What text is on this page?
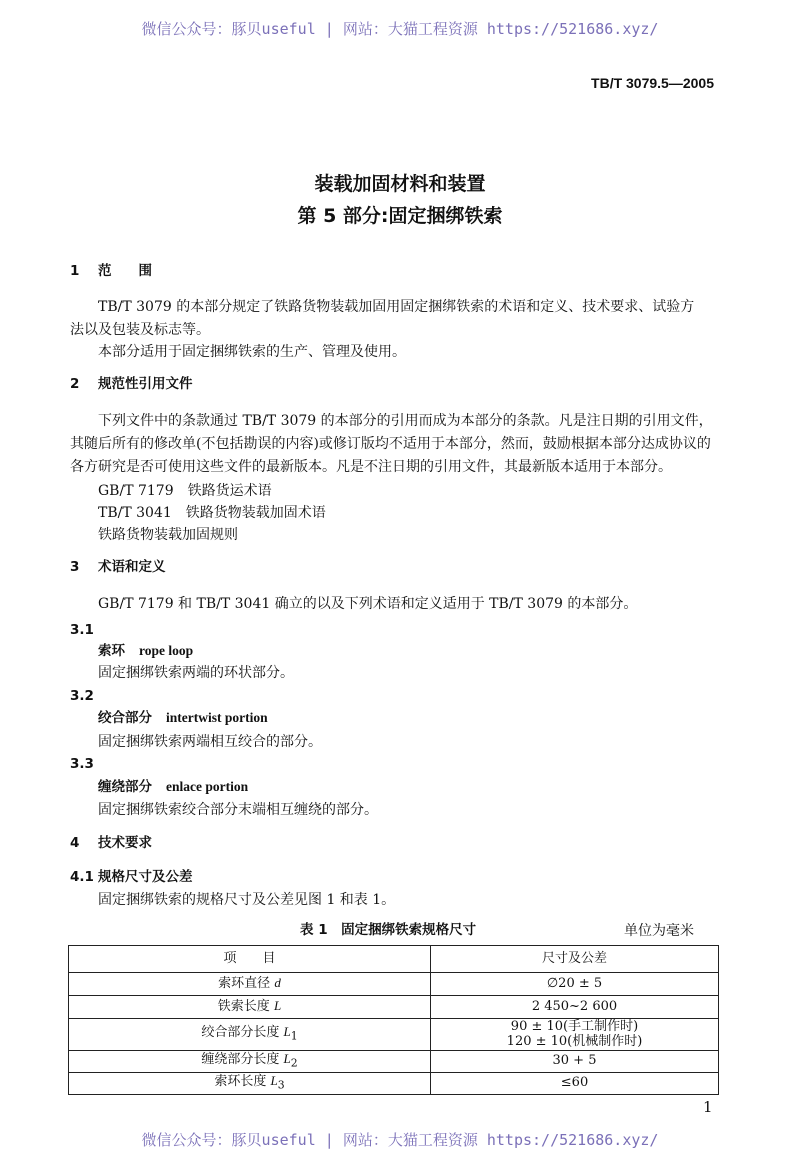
微信公众号：豚贝useful | 网站：大猫工程资源 https://521686.xyz/
TB/T 3079.5—2005
装载加固材料和装置
第 5 部分:固定捆绑铁索
1 范　　围
TB/T 3079 的本部分规定了铁路货物装载加固用固定捆绑铁索的术语和定义、技术要求、试验方
法以及包装及标志等。
本部分适用于固定捆绑铁索的生产、管理及使用。
2 规范性引用文件
下列文件中的条款通过 TB/T 3079 的本部分的引用而成为本部分的条款。凡是注日期的引用文件，
其随后所有的修改单(不包括勘误的内容)或修订版均不适用于本部分，然而，鼓励根据本部分达成协议的
各方研究是否可使用这些文件的最新版本。凡是不注日期的引用文件，其最新版本适用于本部分。
GB/T 7179　铁路货运术语
TB/T 3041　铁路货物装载加固术语
铁路货物装载加固规则
3 术语和定义
GB/T 7179 和 TB/T 3041 确立的以及下列术语和定义适用于 TB/T 3079 的本部分。
3.1
索环 rope loop
固定捆绑铁索两端的环状部分。
3.2
绞合部分 intertwist portion
固定捆绑铁索两端相互绞合的部分。
3.3
缠绕部分 enlace portion
固定捆绑铁索绞合部分末端相互缠绕的部分。
4 技术要求
4.1 规格尺寸及公差
固定捆绑铁索的规格尺寸及公差见图 1 和表 1。
表 1　固定捆绑铁索规格尺寸	单位为毫米
项　　目	尺寸及公差
索环直径 d	∅20 ± 5
铁索长度 L	2 450~2 600
绞合部分长度 $L_1$	90 ± 10(手工制作时)
120 ± 10(机械制作时)

缠绕部分长度 $L_2$	30 + 5
索环长度 $L_3$	≤60
1
微信公众号：豚贝useful | 网站：大猫工程资源 https://521686.xyz/
